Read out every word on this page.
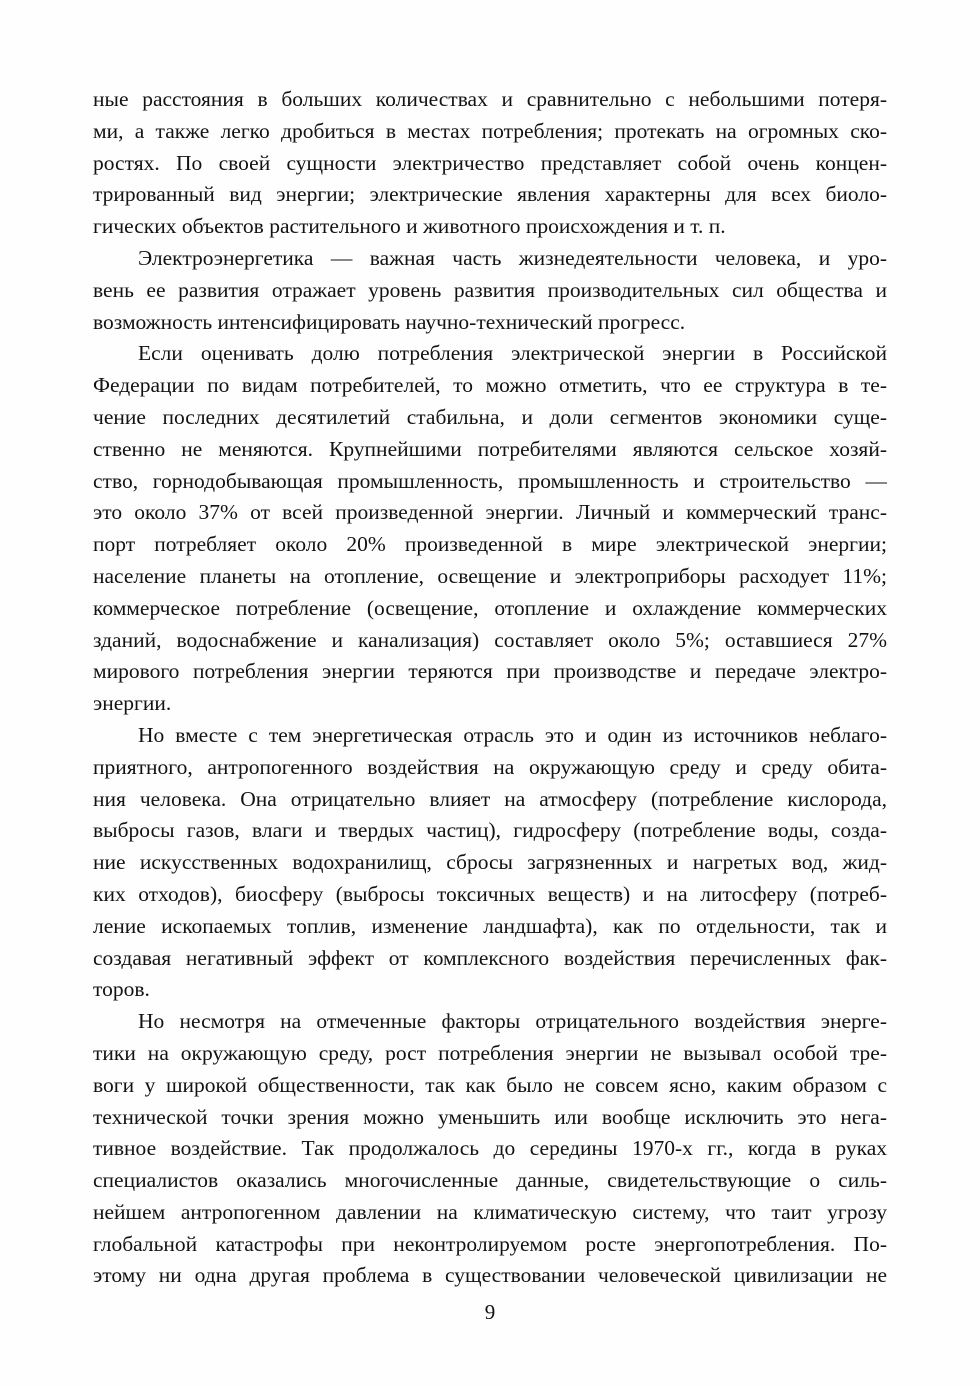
ные расстояния в больших количествах и сравнительно с небольшими потеря-
ми, а также легко дробиться в местах потребления; протекать на огромных ско-
ростях. По своей сущности электричество представляет собой очень концен-
трированный вид энергии; электрические явления характерны для всех биоло-
гических объектов растительного и животного происхождения и т. п.
Электроэнергетика — важная часть жизнедеятельности человека, и уро-
вень ее развития отражает уровень развития производительных сил общества и
возможность интенсифицировать научно-технический прогресс.
Если оценивать долю потребления электрической энергии в Российской
Федерации по видам потребителей, то можно отметить, что ее структура в те-
чение последних десятилетий стабильна, и доли сегментов экономики суще-
ственно не меняются. Крупнейшими потребителями являются сельское хозяй-
ство, горнодобывающая промышленность, промышленность и строительство —
это около 37% от всей произведенной энергии. Личный и коммерческий транс-
порт потребляет около 20% произведенной в мире электрической энергии;
население планеты на отопление, освещение и электроприборы расходует 11%;
коммерческое потребление (освещение, отопление и охлаждение коммерческих
зданий, водоснабжение и канализация) составляет около 5%; оставшиеся 27%
мирового потребления энергии теряются при производстве и передаче электро-
энергии.
Но вместе с тем энергетическая отрасль это и один из источников неблаго-
приятного, антропогенного воздействия на окружающую среду и среду обита-
ния человека. Она отрицательно влияет на атмосферу (потребление кислорода,
выбросы газов, влаги и твердых частиц), гидросферу (потребление воды, созда-
ние искусственных водохранилищ, сбросы загрязненных и нагретых вод, жид-
ких отходов), биосферу (выбросы токсичных веществ) и на литосферу (потреб-
ление ископаемых топлив, изменение ландшафта), как по отдельности, так и
создавая негативный эффект от комплексного воздействия перечисленных фак-
торов.
Но несмотря на отмеченные факторы отрицательного воздействия энерге-
тики на окружающую среду, рост потребления энергии не вызывал особой тре-
воги у широкой общественности, так как было не совсем ясно, каким образом с
технической точки зрения можно уменьшить или вообще исключить это нега-
тивное воздействие. Так продолжалось до середины 1970-х гг., когда в руках
специалистов оказались многочисленные данные, свидетельствующие о силь-
нейшем антропогенном давлении на климатическую систему, что таит угрозу
глобальной катастрофы при неконтролируемом росте энергопотребления. По-
этому ни одна другая проблема в существовании человеческой цивилизации не
9
